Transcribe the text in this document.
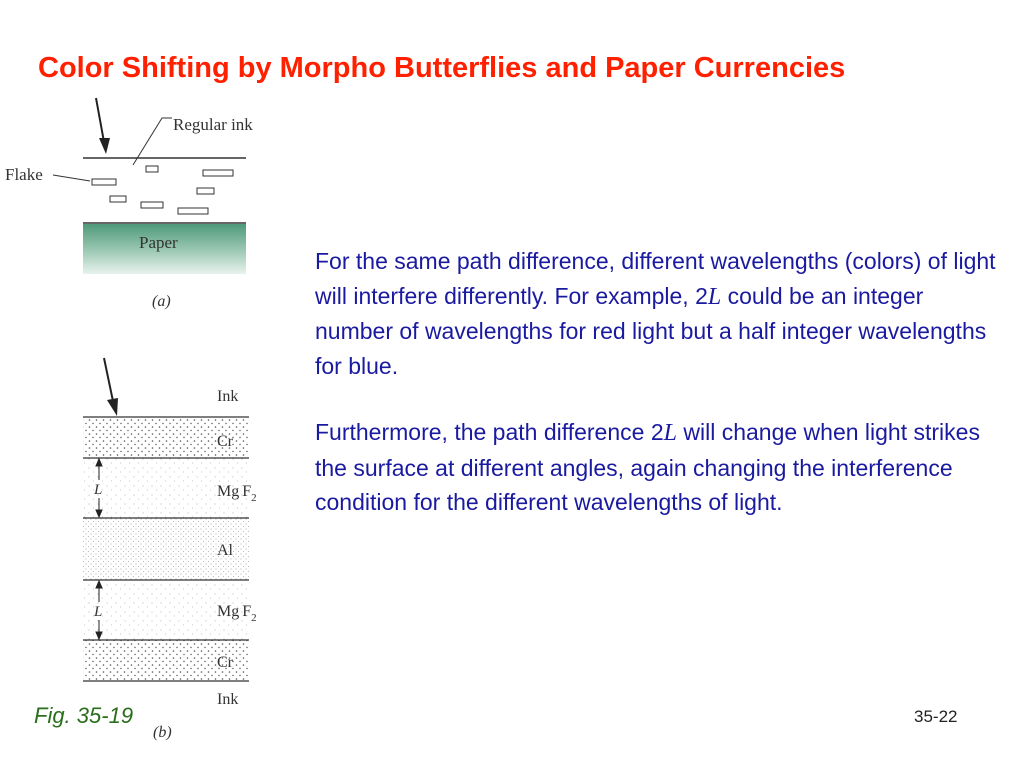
Color Shifting by Morpho Butterflies and Paper Currencies
Regular ink
Flake
Paper
(a)
L
L
Ink
Cr
Mg $F_2$
Al
Mg $F_2$
Cr
Ink
(b)

For the same path difference, different wavelengths (colors) of light will interfere differently. For example, 2L could be an integer number of wavelengths for red light but a half integer wavelengths for blue.

Furthermore, the path difference 2L will change when light strikes the surface at different angles, again changing the interference condition for the different wavelengths of light.

Fig. 35-19	35-22
